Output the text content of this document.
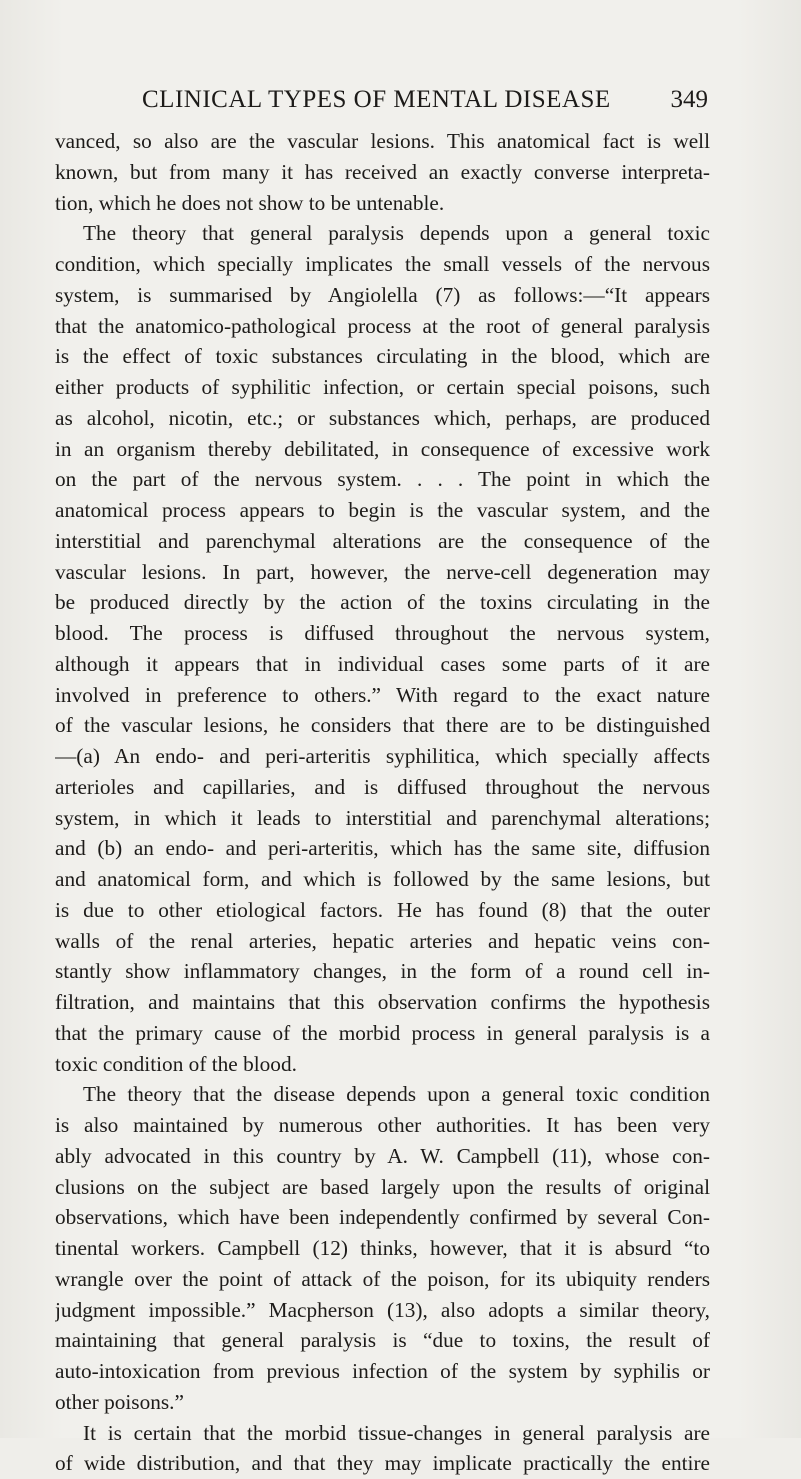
CLINICAL TYPES OF MENTAL DISEASE 349
vanced, so also are the vascular lesions. This anatomical fact is well
known, but from many it has received an exactly converse interpreta-
tion, which he does not show to be untenable.
The theory that general paralysis depends upon a general toxic
condition, which specially implicates the small vessels of the nervous
system, is summarised by Angiolella (7) as follows:—“It appears
that the anatomico-pathological process at the root of general paralysis
is the effect of toxic substances circulating in the blood, which are
either products of syphilitic infection, or certain special poisons, such
as alcohol, nicotin, etc.; or substances which, perhaps, are produced
in an organism thereby debilitated, in consequence of excessive work
on the part of the nervous system. . . . The point in which the
anatomical process appears to begin is the vascular system, and the
interstitial and parenchymal alterations are the consequence of the
vascular lesions. In part, however, the nerve-cell degeneration may
be produced directly by the action of the toxins circulating in the
blood. The process is diffused throughout the nervous system,
although it appears that in individual cases some parts of it are
involved in preference to others.” With regard to the exact nature
of the vascular lesions, he considers that there are to be distinguished
—(a) An endo- and peri-arteritis syphilitica, which specially affects
arterioles and capillaries, and is diffused throughout the nervous
system, in which it leads to interstitial and parenchymal alterations;
and (b) an endo- and peri-arteritis, which has the same site, diffusion
and anatomical form, and which is followed by the same lesions, but
is due to other etiological factors. He has found (8) that the outer
walls of the renal arteries, hepatic arteries and hepatic veins con-
stantly show inflammatory changes, in the form of a round cell in-
filtration, and maintains that this observation confirms the hypothesis
that the primary cause of the morbid process in general paralysis is a
toxic condition of the blood.
The theory that the disease depends upon a general toxic condition
is also maintained by numerous other authorities. It has been very
ably advocated in this country by A. W. Campbell (11), whose con-
clusions on the subject are based largely upon the results of original
observations, which have been independently confirmed by several Con-
tinental workers. Campbell (12) thinks, however, that it is absurd “to
wrangle over the point of attack of the poison, for its ubiquity renders
judgment impossible.” Macpherson (13), also adopts a similar theory,
maintaining that general paralysis is “due to toxins, the result of
auto-intoxication from previous infection of the system by syphilis or
other poisons.”
It is certain that the morbid tissue-changes in general paralysis are
of wide distribution, and that they may implicate practically the entire
